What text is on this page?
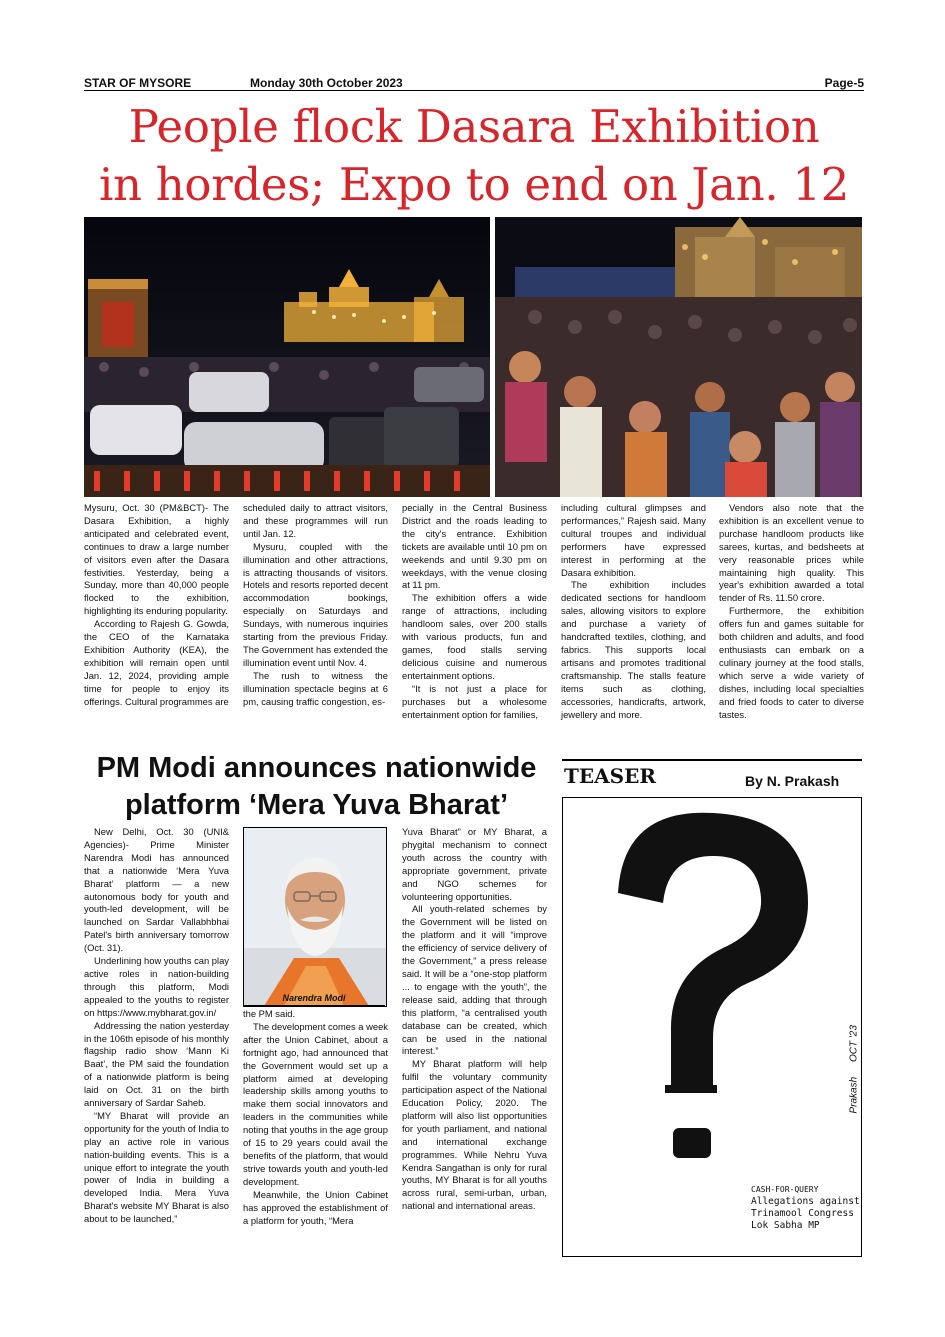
STAR OF MYSORE	Monday 30th October 2023	Page-5
People flock Dasara Exhibition
in hordes; Expo to end on Jan. 12

Mysuru, Oct. 30 (PM&BCT)- The Dasara Exhibition, a highly anticipated and celebrated event, continues to draw a large number of visitors even after the Dasara festivities. Yesterday, being a Sunday, more than 40,000 people flocked to the exhibition, highlighting its enduring popularity.

According to Rajesh G. Gowda, the CEO of the Karnataka Exhibition Authority (KEA), the exhibition will remain open until Jan. 12, 2024, providing ample time for people to enjoy its offerings. Cultural programmes are

scheduled daily to attract visitors, and these programmes will run until Jan. 12.

Mysuru, coupled with the illumination and other attractions, is attracting thousands of visitors. Hotels and resorts reported decent accommodation bookings, especially on Saturdays and Sundays, with numerous inquiries starting from the previous Friday. The Government has extended the illumination event until Nov. 4.

The rush to witness the illumination spectacle begins at 6 pm, causing traffic congestion, es-

pecially in the Central Business District and the roads leading to the city's entrance. Exhibition tickets are available until 10 pm on weekends and until 9.30 pm on weekdays, with the venue closing at 11 pm.

The exhibition offers a wide range of attractions, including handloom sales, over 200 stalls with various products, fun and games, food stalls serving delicious cuisine and numerous entertainment options.

“It is not just a place for purchases but a wholesome entertainment option for families,

including cultural glimpses and performances,” Rajesh said. Many cultural troupes and individual performers have expressed interest in performing at the Dasara exhibition.

The exhibition includes dedicated sections for handloom sales, allowing visitors to explore and purchase a variety of handcrafted textiles, clothing, and fabrics. This supports local artisans and promotes traditional craftsmanship. The stalls feature items such as clothing, accessories, handicrafts, artwork, jewellery and more.

Vendors also note that the exhibition is an excellent venue to purchase handloom products like sarees, kurtas, and bedsheets at very reasonable prices while maintaining high quality. This year's exhibition awarded a total tender of Rs. 11.50 crore.

Furthermore, the exhibition offers fun and games suitable for both children and adults, and food enthusiasts can embark on a culinary journey at the food stalls, which serve a wide variety of dishes, including local specialties and fried foods to cater to diverse tastes.

PM Modi announces nationwide
platform ‘Mera Yuva Bharat’

New Delhi, Oct. 30 (UNI& Agencies)- Prime Minister Narendra Modi has announced that a nationwide ‘Mera Yuva Bharat’ platform — a new autonomous body for youth and youth-led development, will be launched on Sardar Vallabhbhai Patel's birth anniversary tomorrow (Oct. 31).

Underlining how youths can play active roles in nation-building through this platform, Modi appealed to the youths to register on https://www.mybharat.gov.in/

Addressing the nation yesterday in the 106th episode of his monthly flagship radio show ‘Mann Ki Baat’, the PM said the foundation of a nationwide platform is being laid on Oct. 31 on the birth anniversary of Sardar Saheb.

“MY Bharat will provide an opportunity for the youth of India to play an active role in various nation-building events. This is a unique effort to integrate the youth power of India in building a developed India. Mera Yuva Bharat's website MY Bharat is also about to be launched,”

Narendra Modi

the PM said.

The development comes a week after the Union Cabinet, about a fortnight ago, had announced that the Government would set up a platform aimed at developing leadership skills among youths to make them social innovators and leaders in the communities while noting that youths in the age group of 15 to 29 years could avail the benefits of the platform, that would strive towards youth and youth-led development.

Meanwhile, the Union Cabinet has approved the establishment of a platform for youth, “Mera

Yuva Bharat” or MY Bharat, a phygital mechanism to connect youth across the country with appropriate government, private and NGO schemes for volunteering opportunities.

All youth-related schemes by the Government will be listed on the platform and it will “improve the efficiency of service delivery of the Government,” a press release said. It will be a “one-stop platform ... to engage with the youth”, the release said, adding that through this platform, “a centralised youth database can be created, which can be used in the national interest.”

MY Bharat platform will help fulfil the voluntary community participation aspect of the National Education Policy, 2020. The platform will also list opportunities for youth parliament, and national and international exchange programmes. While Nehru Yuva Kendra Sangathan is only for rural youths, MY Bharat is for all youths across rural, semi-urban, urban, national and international areas.

TEASER	By N. Prakash
Prakash OCT '23
CASH-FOR-QUERY
Allegations against
Trinamool Congress
Lok Sabha MP
